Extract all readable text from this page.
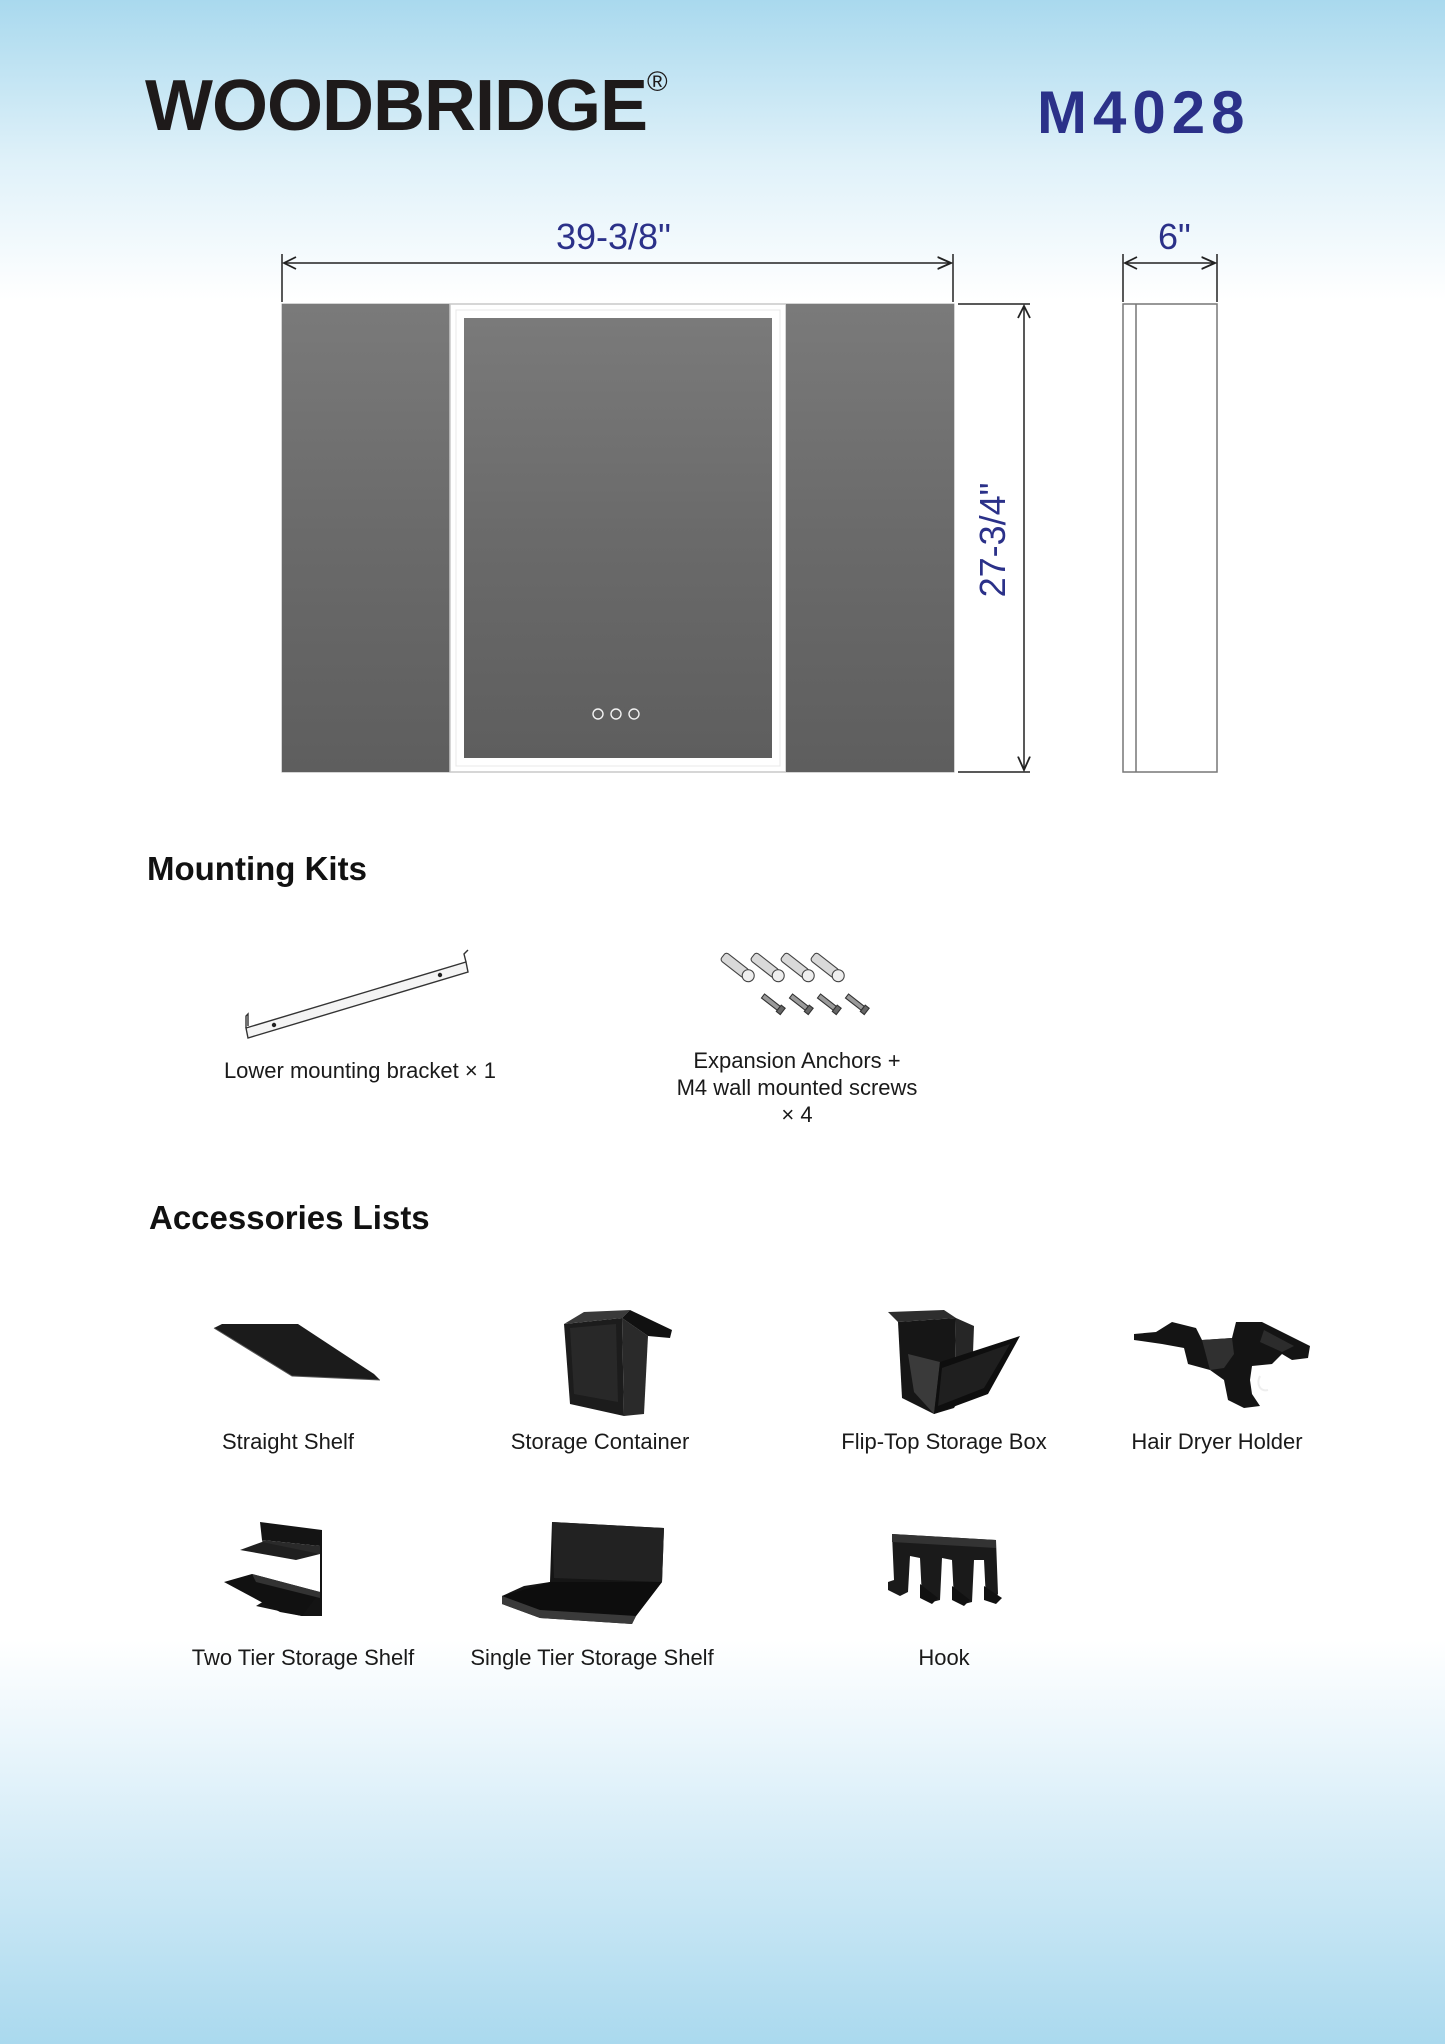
WOODBRIDGE®	M4028
39-3/8"	6"
27-3/4"
Mounting Kits
Lower mounting bracket × 1	Expansion Anchors +
M4 wall mounted screws
× 4
Accessories Lists
Straight Shelf	Storage Container	Flip-Top Storage Box	Hair Dryer Holder
Two Tier Storage Shelf	Single Tier Storage Shelf	Hook
